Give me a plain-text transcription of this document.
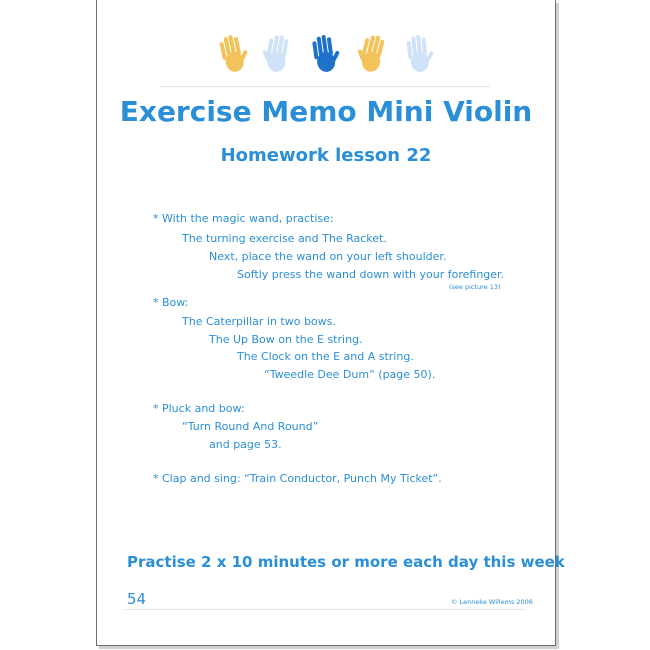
Exercise Memo Mini Violin
Homework lesson 22
* With the magic wand, practise:
The turning exercise and The Racket.
Next, place the wand on your left shoulder.
Softly press the wand down with your forefinger.
(see picture 13)
* Bow:
The Caterpillar in two bows.
The Up Bow on the E string.
The Clock on the E and A string.
“Tweedle Dee Dum” (page 50).
* Pluck and bow:
“Turn Round And Round”
and page 53.
* Clap and sing: “Train Conductor, Punch My Ticket”.
Practise 2 x 10 minutes or more each day this week
54	© Lenneke Willems 2006
